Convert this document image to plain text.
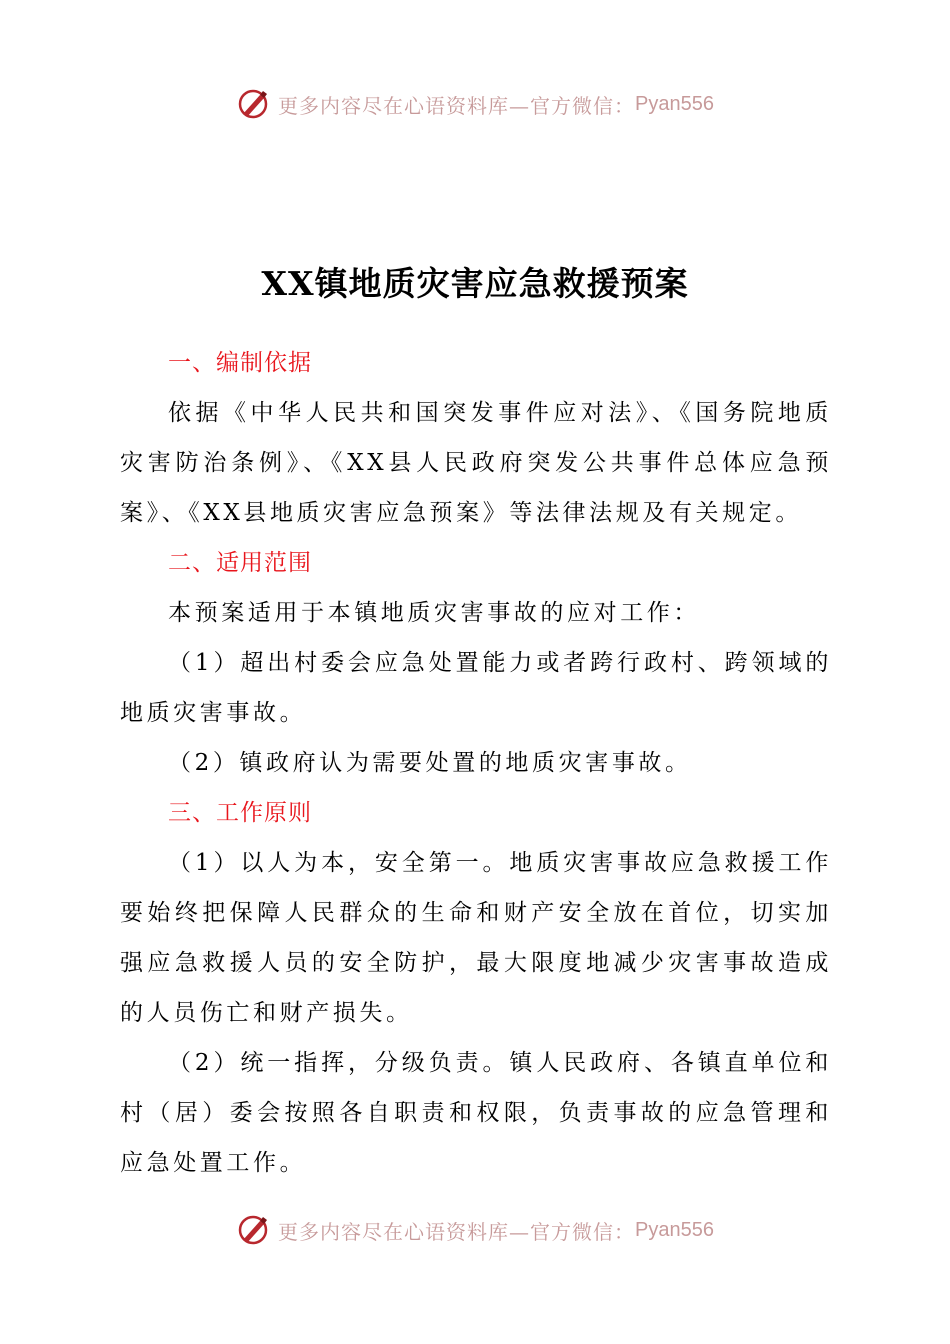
更多内容尽在心语资料库—官方微信： Pyan556
XX镇地质灾害应急救援预案
一、编制依据

依据《中华人民共和国突发事件应对法》、《国务院地质灾害防治条例》、《XX县人民政府突发公共事件总体应急预案》、《XX县地质灾害应急预案》等法律法规及有关规定。

二、适用范围

本预案适用于本镇地质灾害事故的应对工作：

（1）超出村委会应急处置能力或者跨行政村、跨领域的地质灾害事故。

（2）镇政府认为需要处置的地质灾害事故。

三、工作原则

（1）以人为本，安全第一。地质灾害事故应急救援工作要始终把保障人民群众的生命和财产安全放在首位，切实加强应急救援人员的安全防护，最大限度地减少灾害事故造成的人员伤亡和财产损失。

（2）统一指挥，分级负责。镇人民政府、各镇直单位和村（居）委会按照各自职责和权限，负责事故的应急管理和应急处置工作。

更多内容尽在心语资料库—官方微信： Pyan556
